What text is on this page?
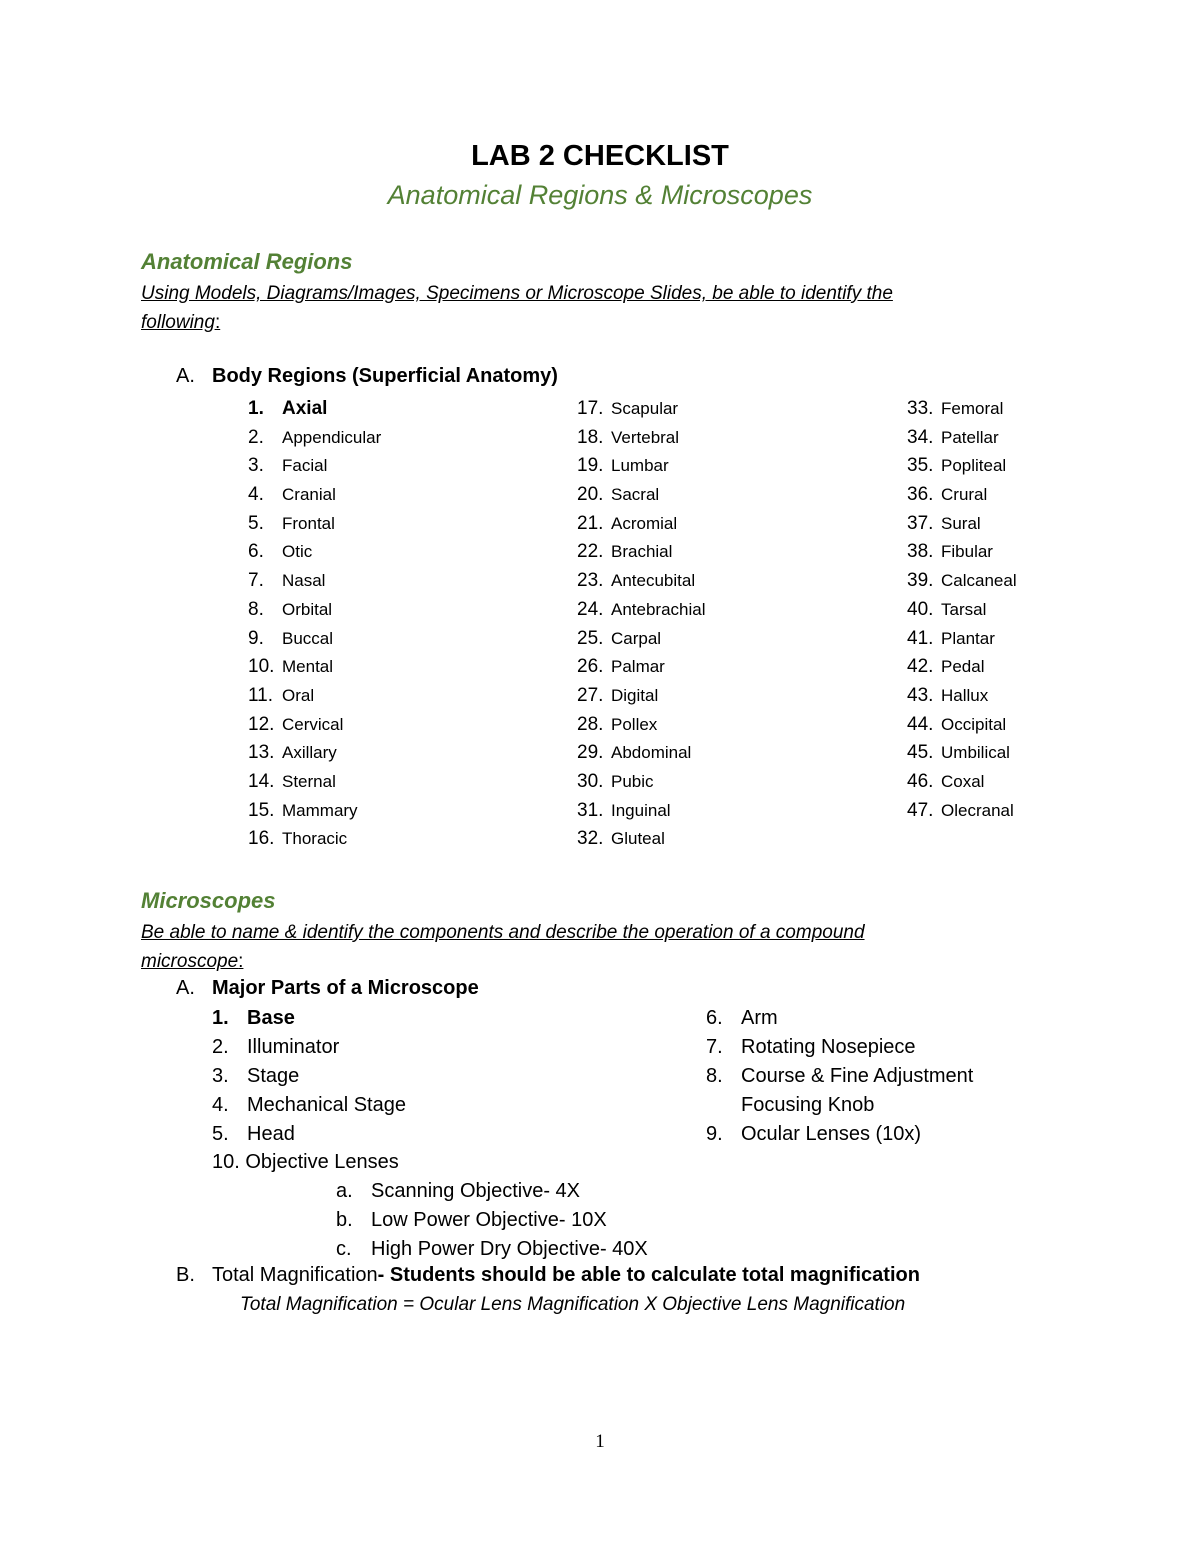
LAB 2 CHECKLIST
Anatomical Regions & Microscopes
Anatomical Regions
Using Models, Diagrams/Images, Specimens or Microscope Slides, be able to identify the
following:
A. Body Regions (Superficial Anatomy)
1. Axial
2. Appendicular
3. Facial
4. Cranial
5. Frontal
6. Otic
7. Nasal
8. Orbital
9. Buccal
10. Mental
11. Oral
12. Cervical
13. Axillary
14. Sternal
15. Mammary
16. Thoracic
17. Scapular
18. Vertebral
19. Lumbar
20. Sacral
21. Acromial
22. Brachial
23. Antecubital
24. Antebrachial
25. Carpal
26. Palmar
27. Digital
28. Pollex
29. Abdominal
30. Pubic
31. Inguinal
32. Gluteal
33. Femoral
34. Patellar
35. Popliteal
36. Crural
37. Sural
38. Fibular
39. Calcaneal
40. Tarsal
41. Plantar
42. Pedal
43. Hallux
44. Occipital
45. Umbilical
46. Coxal
47. Olecranal
Microscopes
Be able to name & identify the components and describe the operation of a compound
microscope:
A. Major Parts of a Microscope
1. Base
2. Illuminator
3. Stage
4. Mechanical Stage
5. Head
6. Arm
7. Rotating Nosepiece
8. Course & Fine Adjustment
Focusing Knob
9. Ocular Lenses (10x)
10. Objective Lenses
a. Scanning Objective- 4X
b. Low Power Objective- 10X
c. High Power Dry Objective- 40X
B. Total Magnification- Students should be able to calculate total magnification
Total Magnification = Ocular Lens Magnification X Objective Lens Magnification
1
